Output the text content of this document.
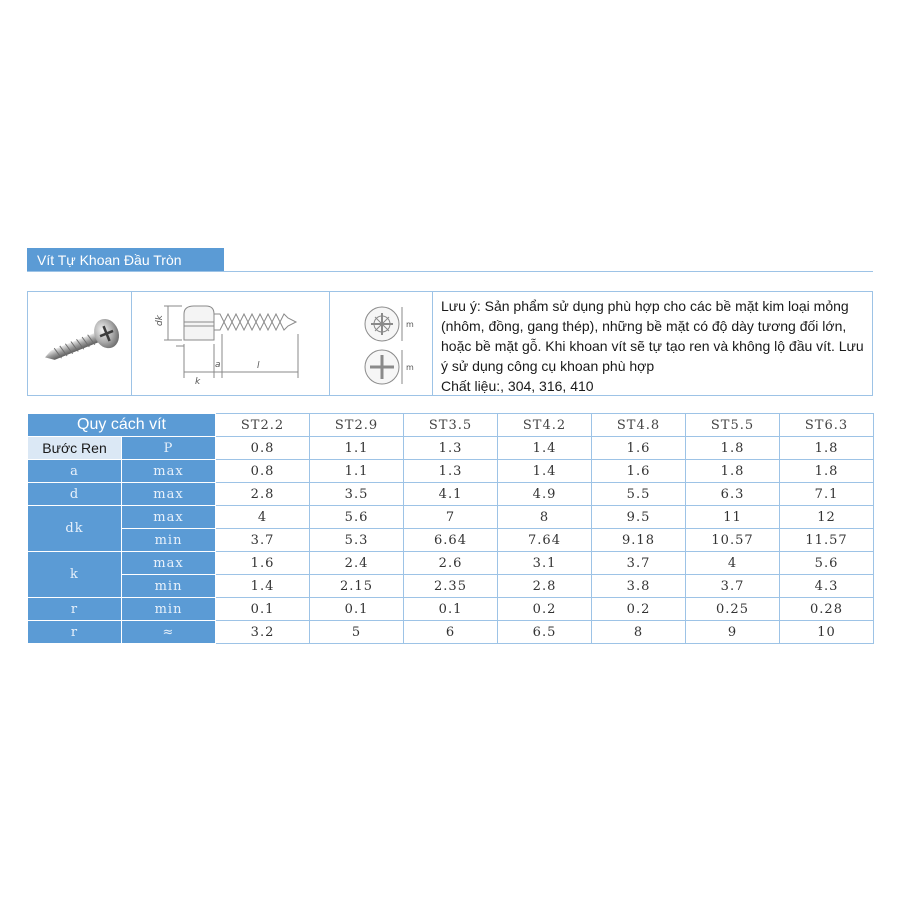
Vít Tự Khoan Đầu Tròn
dk
k
a	l
m
m
Lưu ý: Sản phẩm sử dụng phù hợp cho các bề mặt kim loại mỏng (nhôm, đồng, gang thép), những bề mặt có độ dày tương đối lớn, hoặc bề mặt gỗ. Khi khoan vít sẽ tự tạo ren và không lộ đầu vít. Lưu ý sử dụng công cụ khoan phù hợp
Chất liệu:, 304, 316, 410
Quy cách vít		ST2.2	ST2.9	ST3.5	ST4.2	ST4.8	ST5.5	ST6.3
Bước Ren	P	0.8	1.1	1.3	1.4	1.6	1.8	1.8
a	max	0.8	1.1	1.3	1.4	1.6	1.8	1.8
d	max	2.8	3.5	4.1	4.9	5.5	6.3	7.1
dk	max	4	5.6	7	8	9.5	11	12
	min	3.7	5.3	6.64	7.64	9.18	10.57	11.57
k	max	1.6	2.4	2.6	3.1	3.7	4	5.6
	min	1.4	2.15	2.35	2.8	3.8	3.7	4.3
r	min	0.1	0.1	0.1	0.2	0.2	0.25	0.28
r	≈	3.2	5	6	6.5	8	9	10
